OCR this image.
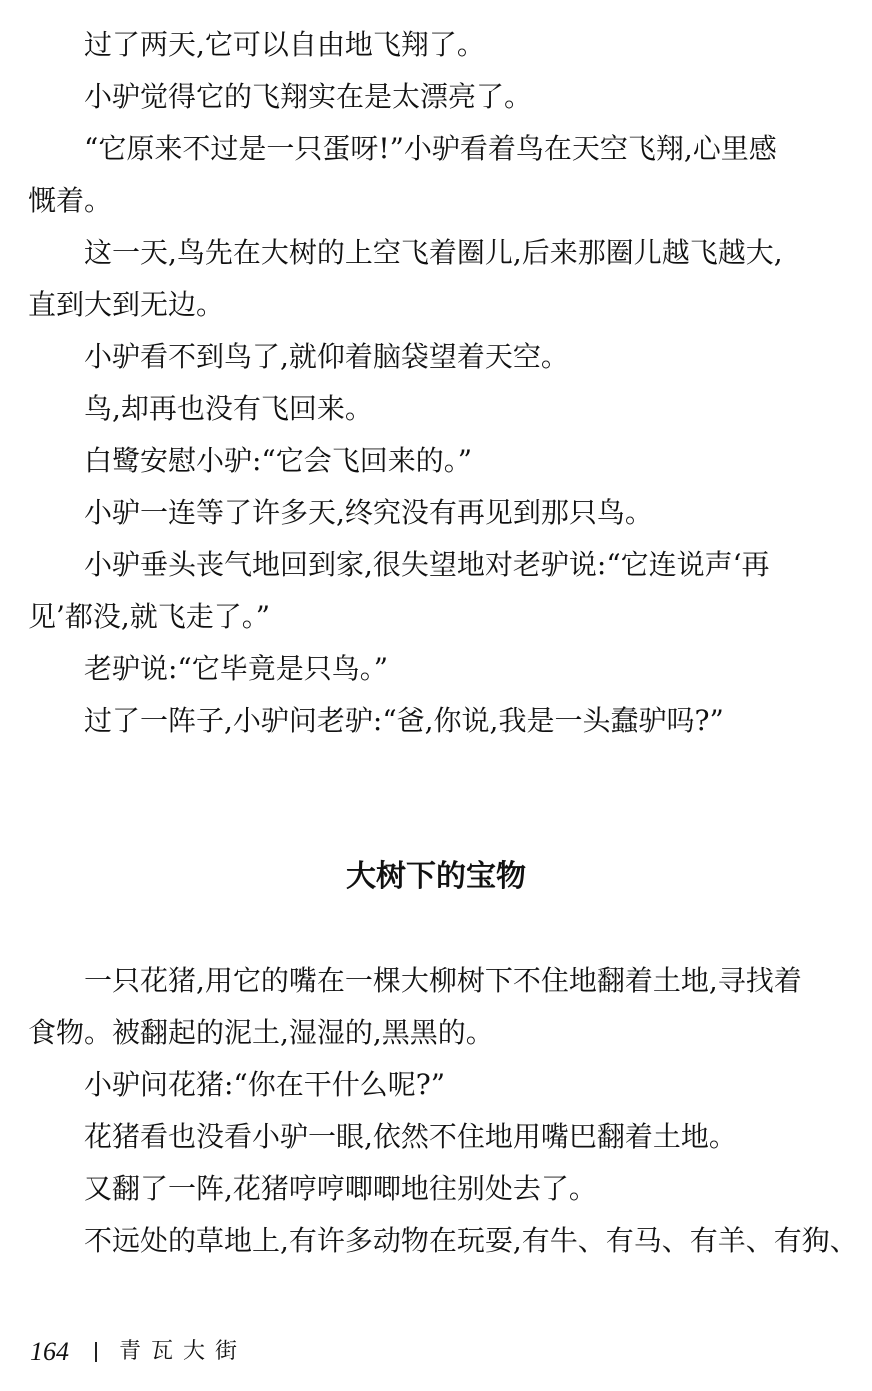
过了两天,它可以自由地飞翔了。
小驴觉得它的飞翔实在是太漂亮了。
“它原来不过是一只蛋呀!”小驴看着鸟在天空飞翔,心里感
慨着。
这一天,鸟先在大树的上空飞着圈儿,后来那圈儿越飞越大,
直到大到无边。
小驴看不到鸟了,就仰着脑袋望着天空。
鸟,却再也没有飞回来。
白鹭安慰小驴:“它会飞回来的。”
小驴一连等了许多天,终究没有再见到那只鸟。
小驴垂头丧气地回到家,很失望地对老驴说:“它连说声‘再
见’都没,就飞走了。”
老驴说:“它毕竟是只鸟。”
过了一阵子,小驴问老驴:“爸,你说,我是一头蠢驴吗?”
大树下的宝物
一只花猪,用它的嘴在一棵大柳树下不住地翻着土地,寻找着
食物。被翻起的泥土,湿湿的,黑黑的。
小驴问花猪:“你在干什么呢?”
花猪看也没看小驴一眼,依然不住地用嘴巴翻着土地。
又翻了一阵,花猪哼哼唧唧地往别处去了。
不远处的草地上,有许多动物在玩耍,有牛、有马、有羊、有狗、
164 青瓦大街
